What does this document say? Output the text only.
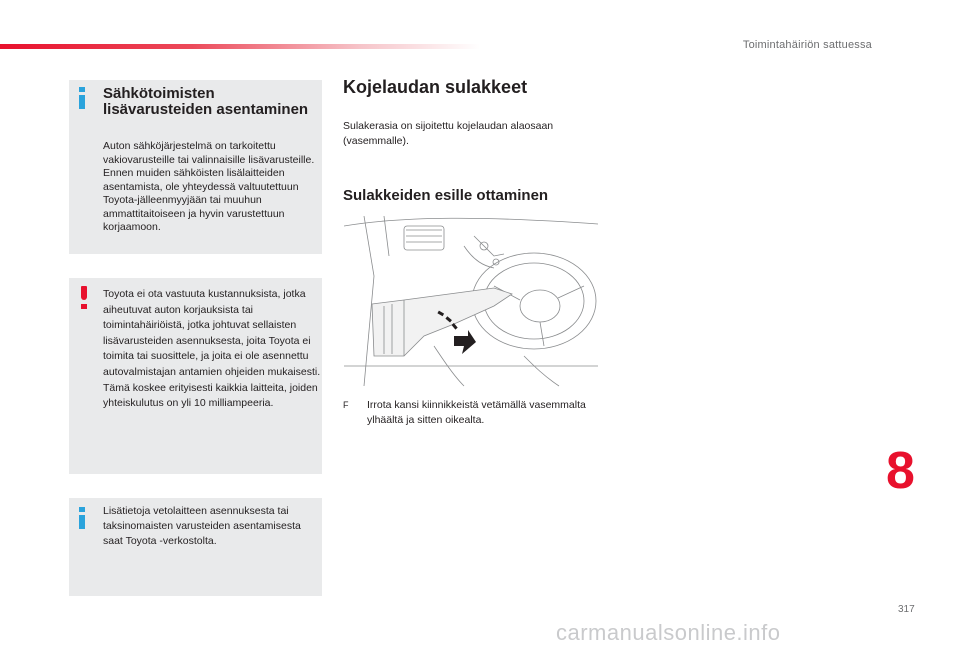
Toimintahäiriön sattuessa
Sähkötoimisten lisävarusteiden asentaminen
Auton sähköjärjestelmä on tarkoitettu vakiovarusteille tai valinnaisille lisävarusteille.
Ennen muiden sähköisten lisälaitteiden asentamista, ole yhteydessä valtuutettuun Toyota-jälleenmyyjään tai muuhun ammattitaitoiseen ja hyvin varustettuun korjaamoon.
Toyota ei ota vastuuta kustannuksista, jotka aiheutuvat auton korjauksista tai toimintahäiriöistä, jotka johtuvat sellaisten lisävarusteiden asennuksesta, joita Toyota ei toimita tai suosittele, ja joita ei ole asennettu autovalmistajan antamien ohjeiden mukaisesti. Tämä koskee erityisesti kaikkia laitteita, joiden yhteiskulutus on yli 10 milliampeeria.
Lisätietoja vetolaitteen asennuksesta tai taksinomaisten varusteiden asentamisesta saat Toyota -verkostolta.
Kojelaudan sulakkeet
Sulakerasia on sijoitettu kojelaudan alaosaan (vasemmalle).
Sulakkeiden esille ottaminen
F	Irrota kansi kiinnikkeistä vetämällä vasemmalta ylhäältä ja sitten oikealta.
8
317
carmanualsonline.info
